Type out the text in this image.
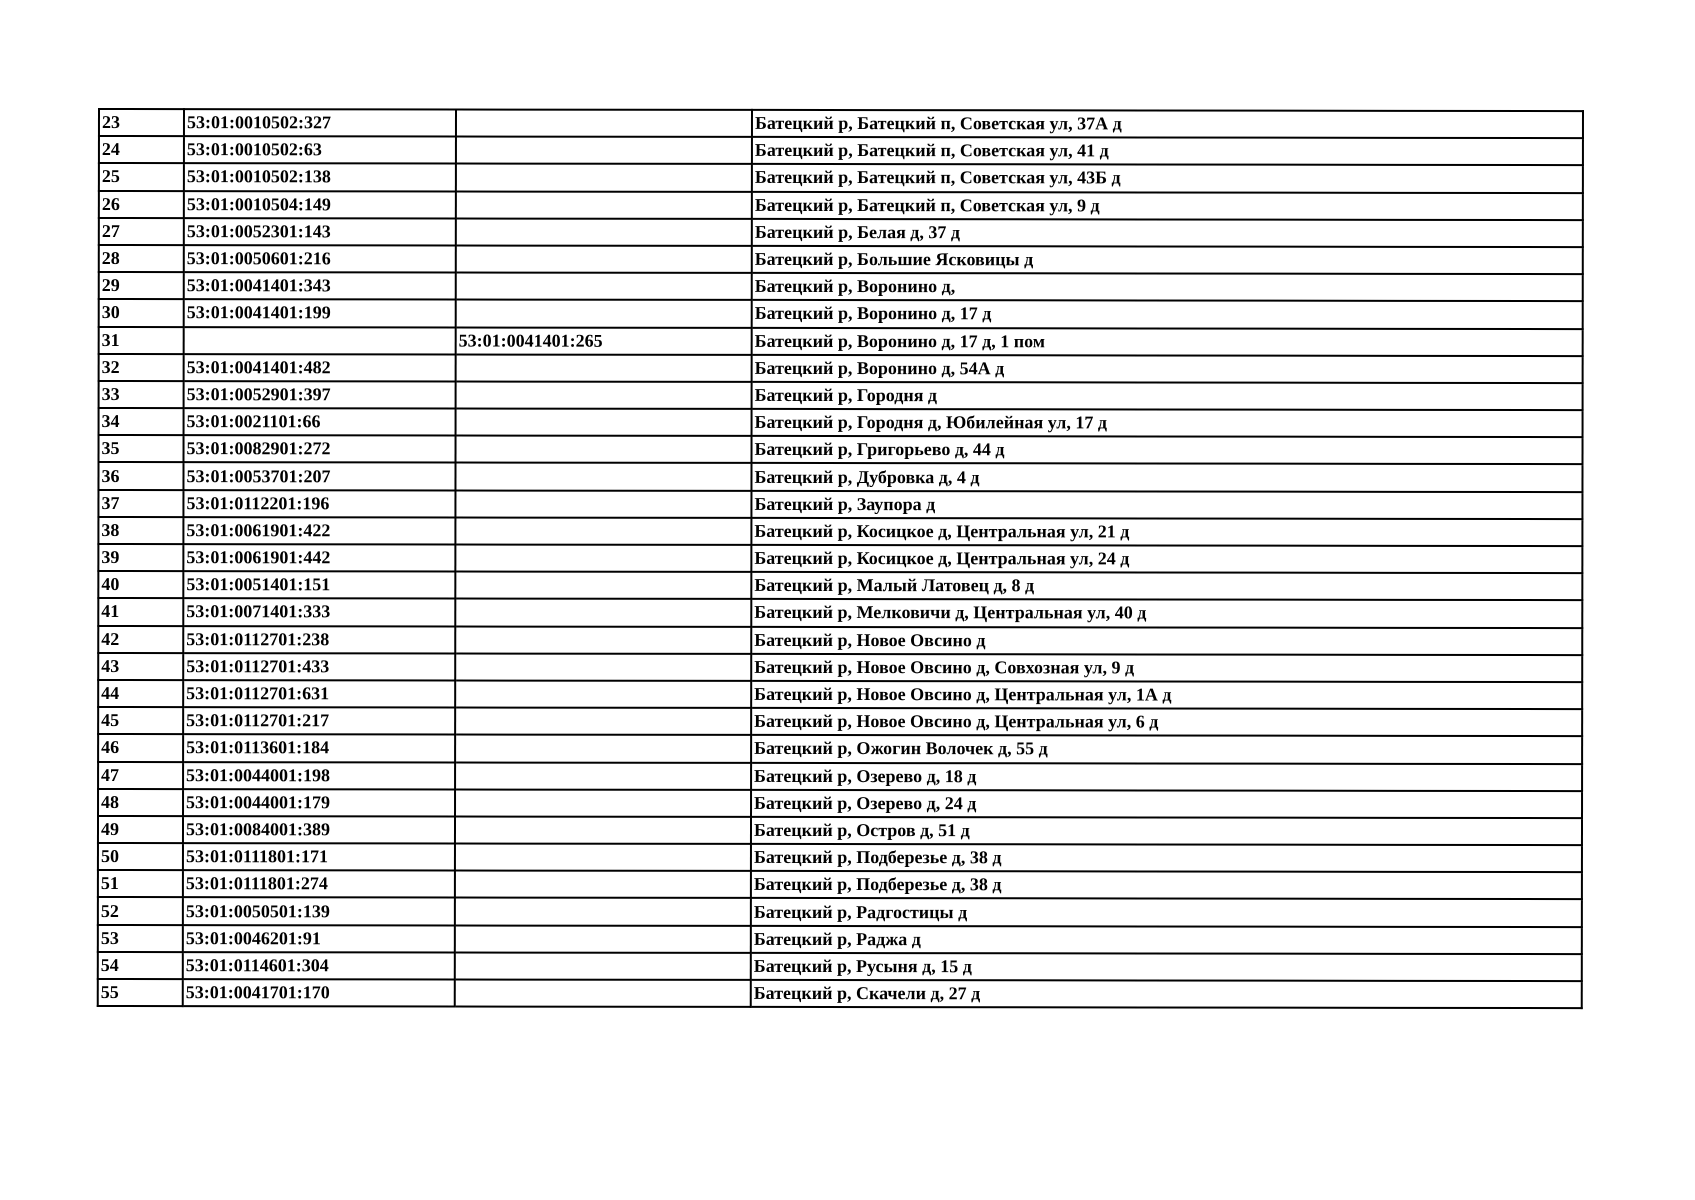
23	53:01:0010502:327		Батецкий р, Батецкий п, Советская ул, 37А д
24	53:01:0010502:63		Батецкий р, Батецкий п, Советская ул, 41 д
25	53:01:0010502:138		Батецкий р, Батецкий п, Советская ул, 43Б д
26	53:01:0010504:149		Батецкий р, Батецкий п, Советская ул, 9 д
27	53:01:0052301:143		Батецкий р, Белая д, 37 д
28	53:01:0050601:216		Батецкий р, Большие Ясковицы д
29	53:01:0041401:343		Батецкий р, Воронино д,
30	53:01:0041401:199		Батецкий р, Воронино д, 17 д
31		53:01:0041401:265	Батецкий р, Воронино д, 17 д, 1 пом
32	53:01:0041401:482		Батецкий р, Воронино д, 54А д
33	53:01:0052901:397		Батецкий р, Городня д
34	53:01:0021101:66		Батецкий р, Городня д, Юбилейная ул, 17 д
35	53:01:0082901:272		Батецкий р, Григорьево д, 44 д
36	53:01:0053701:207		Батецкий р, Дубровка д, 4 д
37	53:01:0112201:196		Батецкий р, Заупора д
38	53:01:0061901:422		Батецкий р, Косицкое д, Центральная ул, 21 д
39	53:01:0061901:442		Батецкий р, Косицкое д, Центральная ул, 24 д
40	53:01:0051401:151		Батецкий р, Малый Латовец д, 8 д
41	53:01:0071401:333		Батецкий р, Мелковичи д, Центральная ул, 40 д
42	53:01:0112701:238		Батецкий р, Новое Овсино д
43	53:01:0112701:433		Батецкий р, Новое Овсино д, Совхозная ул, 9 д
44	53:01:0112701:631		Батецкий р, Новое Овсино д, Центральная ул, 1А д
45	53:01:0112701:217		Батецкий р, Новое Овсино д, Центральная ул, 6 д
46	53:01:0113601:184		Батецкий р, Ожогин Волочек д, 55 д
47	53:01:0044001:198		Батецкий р, Озерево д, 18 д
48	53:01:0044001:179		Батецкий р, Озерево д, 24 д
49	53:01:0084001:389		Батецкий р, Остров д, 51 д
50	53:01:0111801:171		Батецкий р, Подберезье д, 38 д
51	53:01:0111801:274		Батецкий р, Подберезье д, 38 д
52	53:01:0050501:139		Батецкий р, Радгостицы д
53	53:01:0046201:91		Батецкий р, Раджа д
54	53:01:0114601:304		Батецкий р, Русыня д, 15 д
55	53:01:0041701:170		Батецкий р, Скачели д, 27 д
